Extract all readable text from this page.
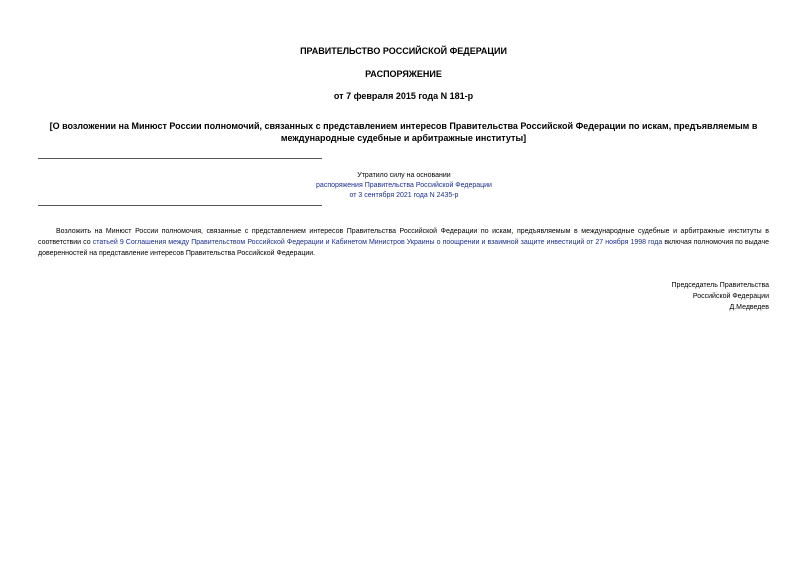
ПРАВИТЕЛЬСТВО РОССИЙСКОЙ ФЕДЕРАЦИИ
РАСПОРЯЖЕНИЕ
от 7 февраля 2015 года N 181-р
[О возложении на Минюст России полномочий, связанных с представлением интересов Правительства Российской Федерации по искам, предъявляемым в международные судебные и арбитражные институты]
Утратило силу на основании
распоряжения Правительства Российской Федерации
от 3 сентября 2021 года N 2435-р

Возложить на Минюст России полномочия, связанные с представлением интересов Правительства Российской Федерации по искам, предъявляемым в международные судебные и арбитражные институты в соответствии со статьей 9 Соглашения между Правительством Российской Федерации и Кабинетом Министров Украины о поощрении и взаимной защите инвестиций от 27 ноября 1998 года включая полномочия по выдаче доверенностей на представление интересов Правительства Российской Федерации.

Председатель Правительства
Российской Федерации
Д.Медведев
